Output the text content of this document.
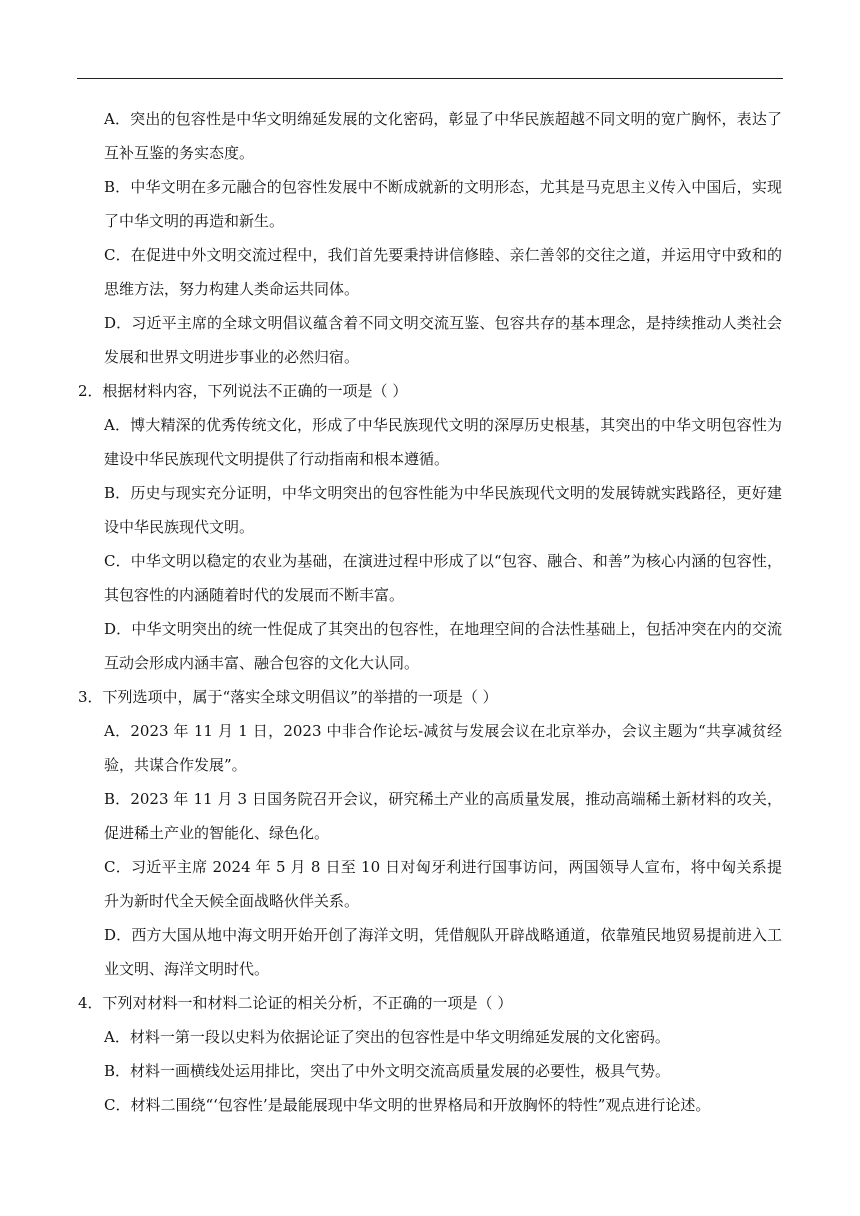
A．突出的包容性是中华文明绵延发展的文化密码，彰显了中华民族超越不同文明的宽广胸怀，表达了互补互鉴的务实态度。

B．中华文明在多元融合的包容性发展中不断成就新的文明形态，尤其是马克思主义传入中国后，实现了中华文明的再造和新生。

C．在促进中外文明交流过程中，我们首先要秉持讲信修睦、亲仁善邻的交往之道，并运用守中致和的思维方法，努力构建人类命运共同体。

D．习近平主席的全球文明倡议蕴含着不同文明交流互鉴、包容共存的基本理念，是持续推动人类社会发展和世界文明进步事业的必然归宿。

2．根据材料内容，下列说法不正确的一项是（ ）

A．博大精深的优秀传统文化，形成了中华民族现代文明的深厚历史根基，其突出的中华文明包容性为建设中华民族现代文明提供了行动指南和根本遵循。

B．历史与现实充分证明，中华文明突出的包容性能为中华民族现代文明的发展铸就实践路径，更好建设中华民族现代文明。

C．中华文明以稳定的农业为基础，在演进过程中形成了以“包容、融合、和善”为核心内涵的包容性，其包容性的内涵随着时代的发展而不断丰富。

D．中华文明突出的统一性促成了其突出的包容性，在地理空间的合法性基础上，包括冲突在内的交流互动会形成内涵丰富、融合包容的文化大认同。

3．下列选项中，属于“落实全球文明倡议”的举措的一项是（ ）

A．2023 年 11 月 1 日，2023 中非合作论坛-减贫与发展会议在北京举办，会议主题为“共享减贫经验，共谋合作发展”。

B．2023 年 11 月 3 日国务院召开会议，研究稀土产业的高质量发展，推动高端稀土新材料的攻关，促进稀土产业的智能化、绿色化。

C．习近平主席 2024 年 5 月 8 日至 10 日对匈牙利进行国事访问，两国领导人宣布，将中匈关系提升为新时代全天候全面战略伙伴关系。

D．西方大国从地中海文明开始开创了海洋文明，凭借舰队开辟战略通道，依靠殖民地贸易提前进入工业文明、海洋文明时代。

4．下列对材料一和材料二论证的相关分析，不正确的一项是（ ）

A．材料一第一段以史料为依据论证了突出的包容性是中华文明绵延发展的文化密码。

B．材料一画横线处运用排比，突出了中外文明交流高质量发展的必要性，极具气势。

C．材料二围绕“‘包容性’是最能展现中华文明的世界格局和开放胸怀的特性”观点进行论述。
